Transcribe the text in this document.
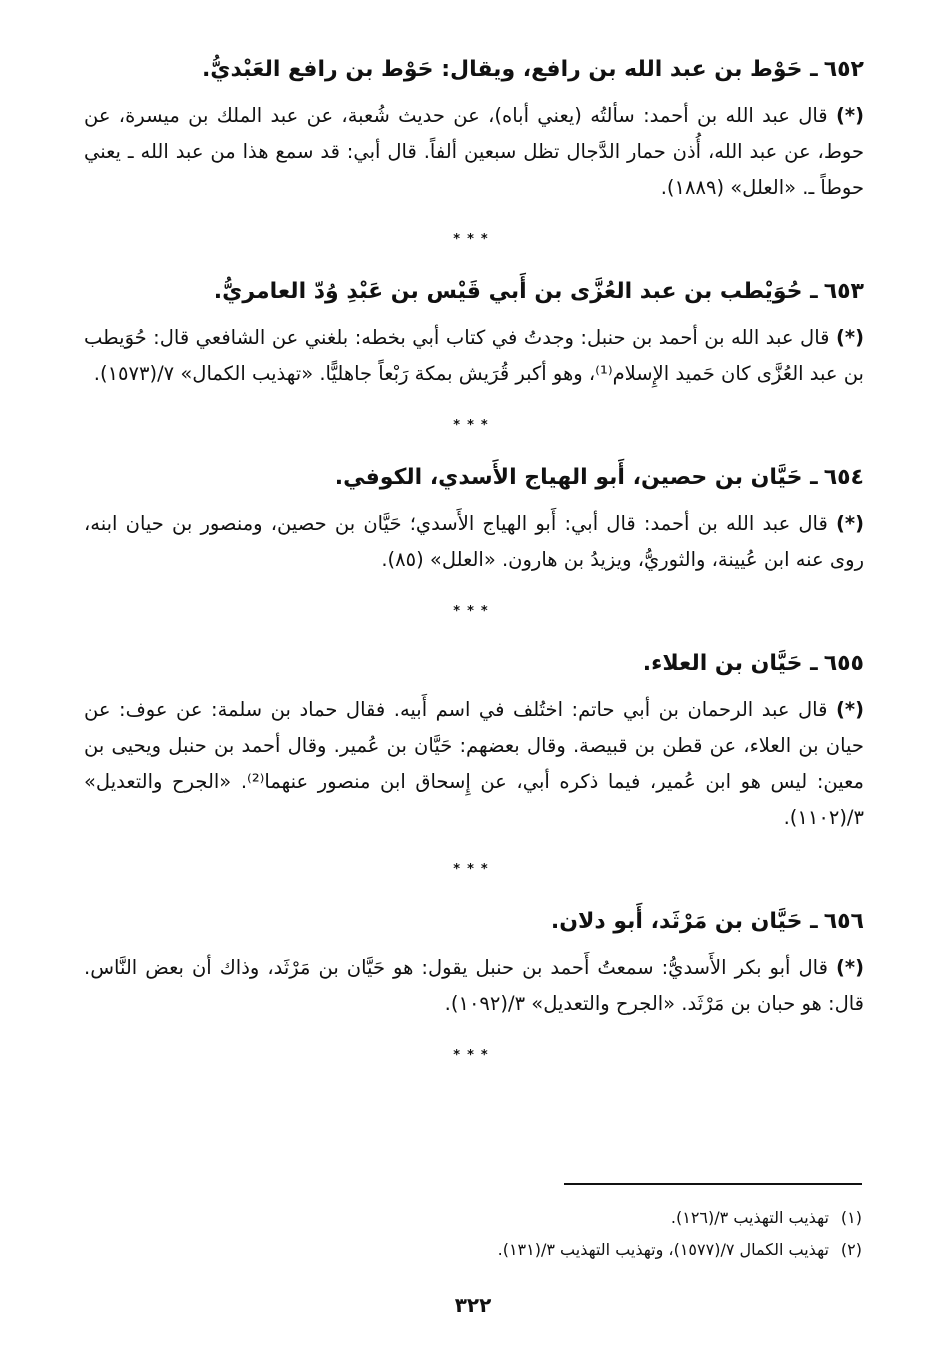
٦٥٢ـ حَوْط بن عبد الله بن رافع، ويقال: حَوْط بن رافع العَبْديُّ.

(*) قال عبد الله بن أحمد: سألتُه (يعني أباه)، عن حديث شُعبة، عن عبد الملك بن ميسرة، عن حوط، عن عبد الله، أُذن حمار الدَّجال تظل سبعين ألفاً. قال أبي: قد سمع هذا من عبد الله ـ يعني حوطاً ـ. «العلل» (١٨٨٩).

***
٦٥٣ـ حُوَيْطب بن عبد العُزَّى بن أَبي قَيْس بن عَبْدِ وُدّ العامريُّ.

(*) قال عبد الله بن أحمد بن حنبل: وجدتُ في كتاب أبي بخطه: بلغني عن الشافعي قال: حُوَيطب بن عبد العُزَّى كان حَميد الإِسلام⁽¹⁾، وهو أكبر قُرَيش بمكة رَبْعاً جاهليًّا. «تهذيب الكمال» ٧/(١٥٧٣).

***
٦٥٤ـ حَيَّان بن حصين، أَبو الهياج الأَسدي، الكوفي.

(*) قال عبد الله بن أحمد: قال أبي: أَبو الهياج الأَسدي؛ حَيَّان بن حصين، ومنصور بن حيان ابنه، روى عنه ابن عُيينة، والثوريُّ، ويزيدُ بن هارون. «العلل» (٨٥).

***
٦٥٥ـ حَيَّان بن العلاء.

(*) قال عبد الرحمان بن أبي حاتم: اختُلف في اسم أَبيه. فقال حماد بن سلمة: عن عوف: عن حيان بن العلاء، عن قطن بن قبيصة. وقال بعضهم: حَيَّان بن عُمير. وقال أحمد بن حنبل ويحيى بن معين: ليس هو ابن عُمير، فيما ذكره أبي، عن إِسحاق ابن منصور عنهما⁽²⁾. «الجرح والتعديل» ٣/(١١٠٢).

***
٦٥٦ـ حَيَّان بن مَرْثَد، أَبو دلان.

(*) قال أبو بكر الأَسديُّ: سمعتُ أَحمد بن حنبل يقول: هو حَيَّان بن مَرْثَد، وذاك أن بعض النَّاس. قال: هو حبان بن مَرْثَد. «الجرح والتعديل» ٣/(١٠٩٢).

***
(١)تهذيب التهذيب ٣/(١٢٦).
(٢)تهذيب الكمال ٧/(١٥٧٧)، وتهذيب التهذيب ٣/(١٣١).
٣٢٢
